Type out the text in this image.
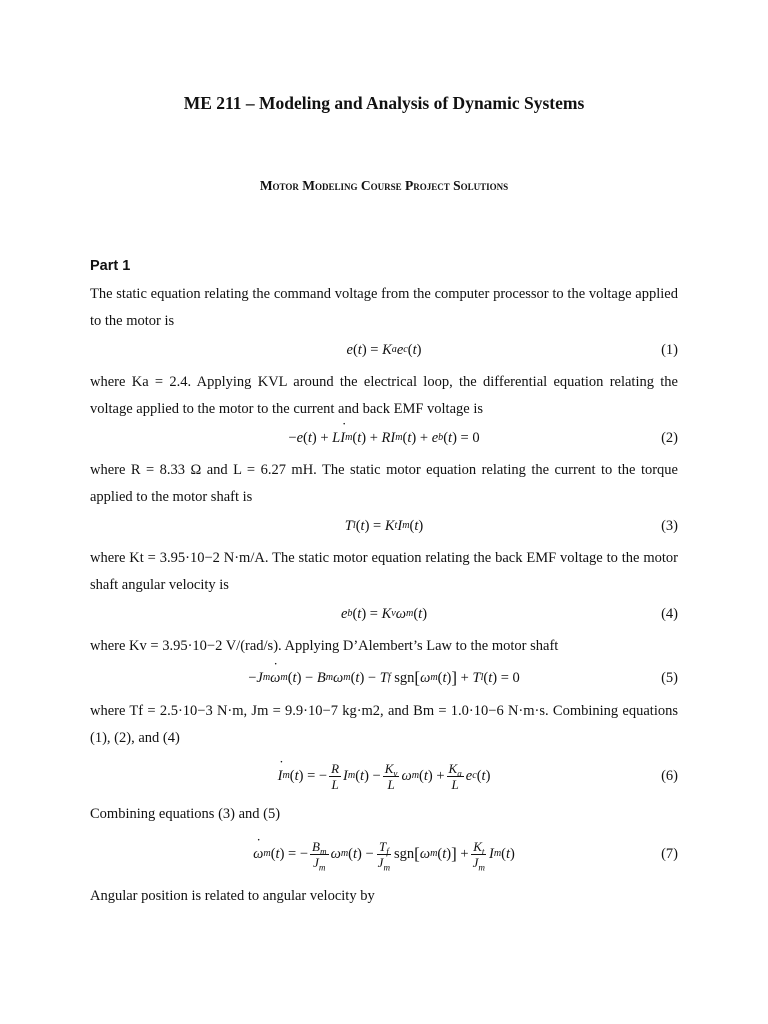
ME 211 – Modeling and Analysis of Dynamic Systems
Motor Modeling Course Project Solutions
Part 1
The static equation relating the command voltage from the computer processor to the voltage applied to the motor is
e ( t )
= K a e c ( t )	(1)
where Ka = 2.4. Applying KVL around the electrical loop, the differential equation relating the voltage applied to the motor to the current and back EMF voltage is
− e ( t )
+ L ˙ I m ( t )
+ RI m ( t )
+ e b ( t )
= 0	(2)
where R = 8.33 Ω and L = 6.27 mH. The static motor equation relating the current to the torque applied to the motor shaft is
T l ( t )
= K t I m ( t )	(3)
where Kt = 3.95·10−2 N·m/A. The static motor equation relating the back EMF voltage to the motor shaft angular velocity is
e b ( t )
= K v ω m ( t )	(4)
where Kv = 3.95·10−2 V/(rad/s). Applying D’Alembert’s Law to the motor shaft
− J m ˙ ω m ( t )
− B m ω m ( t )
− T f
sgn [ ω m ( t ) ]
+ T l ( t )
= 0	(5)
where Tf = 2.5·10−3 N·m, Jm = 9.9·10−7 kg·m2, and Bm = 1.0·10−6 N·m·s. Combining equations (1), (2), and (4)
˙ I m ( t )
= − $\frac{R}{L}$ I m ( t )
− $\frac{K_v}{L}$ ω m ( t )
+ $\frac{K_a}{L}$ e c ( t )	(6)
Combining equations (3) and (5)
˙ ω m ( t )
= − $\frac{B_m}{J_m}$ ω m ( t )
− $\frac{T_f}{J_m}$ sgn [ ω m ( t ) ]
+ $\frac{K_t}{J_m}$ I m ( t )	(7)
Angular position is related to angular velocity by
